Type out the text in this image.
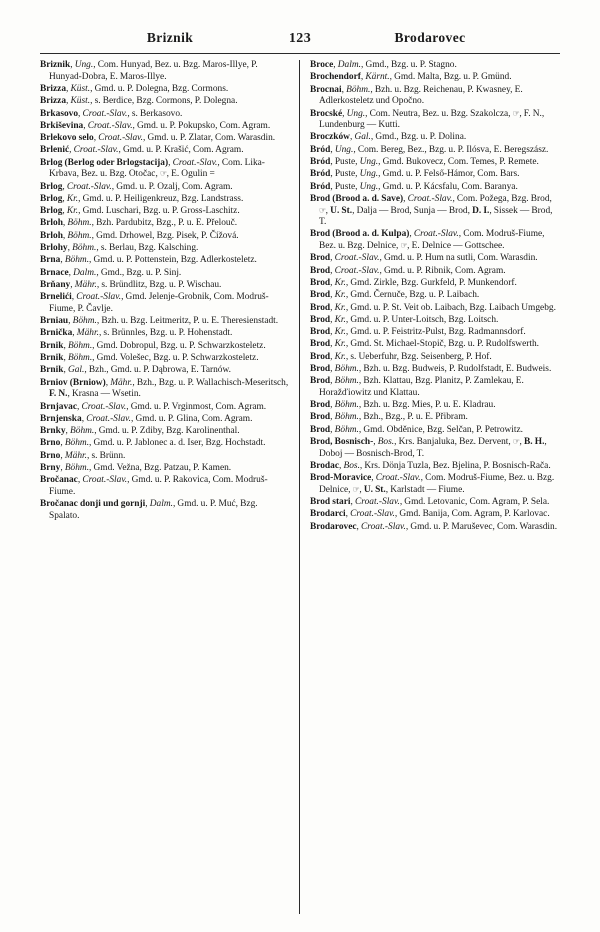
Briznik	123	Brodarovec
Briznik, Ung., Com. Hunyad, Bez. u. Bzg. Maros-Illye, P. Hunyad-Dobra, E. Maros-Illye.
Brizza, Küst., Gmd. u. P. Dolegna, Bzg. Cormons.
Brizza, Küst., s. Berdice, Bzg. Cormons, P. Dolegna.
Brkasovo, Croat.-Slav., s. Berkasovo.
Brkiševina, Croat.-Slav., Gmd. u. P. Pokupsko, Com. Agram.
Brlekovo selo, Croat.-Slav., Gmd. u. P. Zlatar, Com. Warasdin.
Brlenić, Croat.-Slav., Gmd. u. P. Krašić, Com. Agram.
Brlog (Berlog oder Brlogstacija), Croat.-Slav., Com. Lika-Krbava, Bez. u. Bzg. Otočac, ☞, E. Ogulin =
Brlog, Croat.-Slav., Gmd. u. P. Ozalj, Com. Agram.
Brlog, Kr., Gmd. u. P. Heiligenkreuz, Bzg. Landstrass.
Brlog, Kr., Gmd. Luschari, Bzg. u. P. Gross-Laschitz.
Brloh, Böhm., Bzh. Pardubitz, Bzg., P. u. E. Přelouč.
Brloh, Böhm., Gmd. Drhowel, Bzg. Pisek, P. Čížová.
Brlohy, Böhm., s. Berlau, Bzg. Kalsching.
Brna, Böhm., Gmd. u. P. Pottenstein, Bzg. Adlerkosteletz.
Brnace, Dalm., Gmd., Bzg. u. P. Sinj.
Brňany, Mähr., s. Bründlitz, Bzg. u. P. Wischau.
Brnelići, Croat.-Slav., Gmd. Jelenje-Grobnik, Com. Modruš-Fiume, P. Čavlje.
Brniau, Böhm., Bzh. u. Bzg. Leitmeritz, P. u. E. Theresienstadt.
Brnička, Mähr., s. Brünnles, Bzg. u. P. Hohenstadt.
Brnik, Böhm., Gmd. Dobropul, Bzg. u. P. Schwarzkosteletz.
Brnik, Böhm., Gmd. Volešec, Bzg. u. P. Schwarzkosteletz.
Brnik, Gal., Bzh., Gmd. u. P. Dąbrowa, E. Tarnów.
Brniov (Brniow), Mähr., Bzh., Bzg. u. P. Wallachisch-Meseritsch, F. N., Krasna — Wsetin.
Brnjavac, Croat.-Slav., Gmd. u. P. Vrginmost, Com. Agram.
Brnjenska, Croat.-Slav., Gmd. u. P. Glina, Com. Agram.
Brnky, Böhm., Gmd. u. P. Zdiby, Bzg. Karolinenthal.
Brno, Böhm., Gmd. u. P. Jablonec a. d. Iser, Bzg. Hochstadt.
Brno, Mähr., s. Brünn.
Brny, Böhm., Gmd. Vežna, Bzg. Patzau, P. Kamen.
Bročanac, Croat.-Slav., Gmd. u. P. Rakovica, Com. Modruš-Fiume.
Bročanac donji und gornji, Dalm., Gmd. u. P. Muć, Bzg. Spalato.
Broce, Dalm., Gmd., Bzg. u. P. Stagno.
Brochendorf, Kärnt., Gmd. Malta, Bzg. u. P. Gmünd.
Brocnai, Böhm., Bzh. u. Bzg. Reichenau, P. Kwasney, E. Adlerkosteletz und Opočno.
Brocské, Ung., Com. Neutra, Bez. u. Bzg. Szakolcza, ☞, F. N., Lundenburg — Kutti.
Broczków, Gal., Gmd., Bzg. u. P. Dolina.
Bród, Ung., Com. Bereg, Bez., Bzg. u. P. Ilósva, E. Beregszász.
Bród, Puste, Ung., Gmd. Bukovecz, Com. Temes, P. Remete.
Bród, Puste, Ung., Gmd. u. P. Felső-Hámor, Com. Bars.
Bród, Puste, Ung., Gmd. u. P. Kácsfalu, Com. Baranya.
Brod (Brood a. d. Save), Croat.-Slav., Com. Požega, Bzg. Brod, ☞, U. St., Dalja — Brod, Sunja — Brod, D. I., Sissek — Brod, T.
Brod (Brood a. d. Kulpa), Croat.-Slav., Com. Modruš-Fiume, Bez. u. Bzg. Delnice, ☞, E. Delnice — Gottschee.
Brod, Croat.-Slav., Gmd. u. P. Hum na sutli, Com. Warasdin.
Brod, Croat.-Slav., Gmd. u. P. Ribnik, Com. Agram.
Brod, Kr., Gmd. Zirkle, Bzg. Gurkfeld, P. Munkendorf.
Brod, Kr., Gmd. Černuče, Bzg. u. P. Laibach.
Brod, Kr., Gmd. u. P. St. Veit ob. Laibach, Bzg. Laibach Umgebg.
Brod, Kr., Gmd. u. P. Unter-Loitsch, Bzg. Loitsch.
Brod, Kr., Gmd. u. P. Feistritz-Pulst, Bzg. Radmannsdorf.
Brod, Kr., Gmd. St. Michael-Stopič, Bzg. u. P. Rudolfswerth.
Brod, Kr., s. Ueberfuhr, Bzg. Seisenberg, P. Hof.
Brod, Böhm., Bzh. u. Bzg. Budweis, P. Rudolfstadt, E. Budweis.
Brod, Böhm., Bzh. Klattau, Bzg. Planitz, P. Zamlekau, E. Horažďiowitz und Klattau.
Brod, Böhm., Bzh. u. Bzg. Mies, P. u. E. Kladrau.
Brod, Böhm., Bzh., Bzg., P. u. E. Přibram.
Brod, Böhm., Gmd. Obděnice, Bzg. Selčan, P. Petrowitz.
Brod, Bosnisch-, Bos., Krs. Banjaluka, Bez. Dervent, ☞, B. H., Doboj — Bosnisch-Brod, T.
Brodac, Bos., Krs. Dönja Tuzla, Bez. Bjelina, P. Bosnisch-Rača.
Brod-Moravice, Croat.-Slav., Com. Modruš-Fiume, Bez. u. Bzg. Delnice, ☞, U. St., Karlstadt — Fiume.
Brod stari, Croat.-Slav., Gmd. Letovanic, Com. Agram, P. Sela.
Brodarci, Croat.-Slav., Gmd. Banija, Com. Agram, P. Karlovac.
Brodarovec, Croat.-Slav., Gmd. u. P. Maruševec, Com. Warasdin.
